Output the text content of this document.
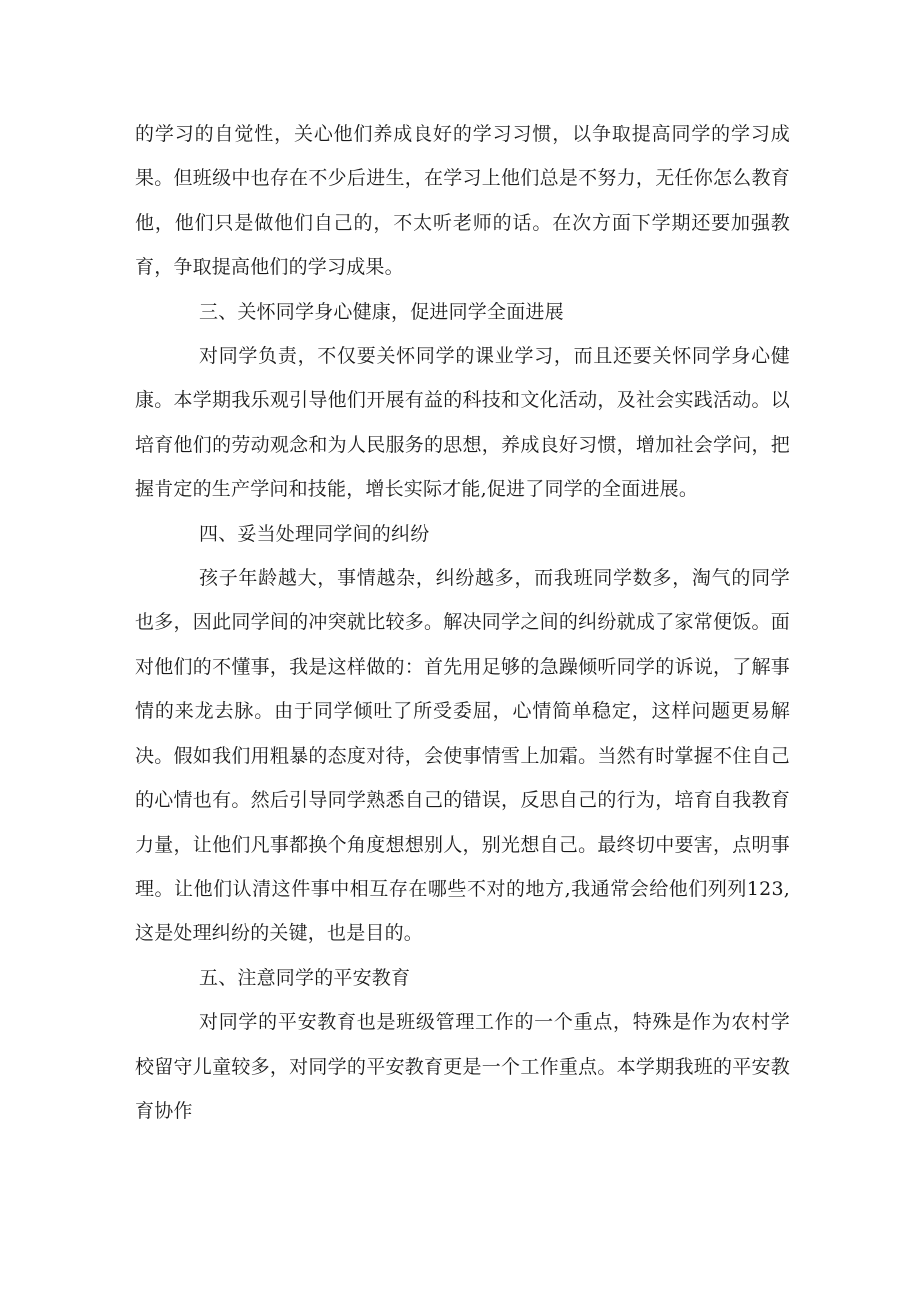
的学习的自觉性，关心他们养成良好的学习习惯，以争取提高同学的学习成果。但班级中也存在不少后进生，在学习上他们总是不努力，无任你怎么教育他，他们只是做他们自己的，不太听老师的话。在次方面下学期还要加强教育，争取提高他们的学习成果。

三、关怀同学身心健康，促进同学全面进展

对同学负责，不仅要关怀同学的课业学习，而且还要关怀同学身心健康。本学期我乐观引导他们开展有益的科技和文化活动，及社会实践活动。以培育他们的劳动观念和为人民服务的思想，养成良好习惯，增加社会学问，把握肯定的生产学问和技能，增长实际才能,促进了同学的全面进展。

四、妥当处理同学间的纠纷

孩子年龄越大，事情越杂，纠纷越多，而我班同学数多，淘气的同学也多，因此同学间的冲突就比较多。解决同学之间的纠纷就成了家常便饭。面对他们的不懂事，我是这样做的：首先用足够的急躁倾听同学的诉说，了解事情的来龙去脉。由于同学倾吐了所受委屈，心情简单稳定，这样问题更易解决。假如我们用粗暴的态度对待，会使事情雪上加霜。当然有时掌握不住自己的心情也有。然后引导同学熟悉自己的错误，反思自己的行为，培育自我教育力量，让他们凡事都换个角度想想别人，别光想自己。最终切中要害，点明事理。让他们认清这件事中相互存在哪些不对的地方,我通常会给他们列列123,这是处理纠纷的关键，也是目的。

五、注意同学的平安教育

对同学的平安教育也是班级管理工作的一个重点，特殊是作为农村学校留守儿童较多，对同学的平安教育更是一个工作重点。本学期我班的平安教育协作
